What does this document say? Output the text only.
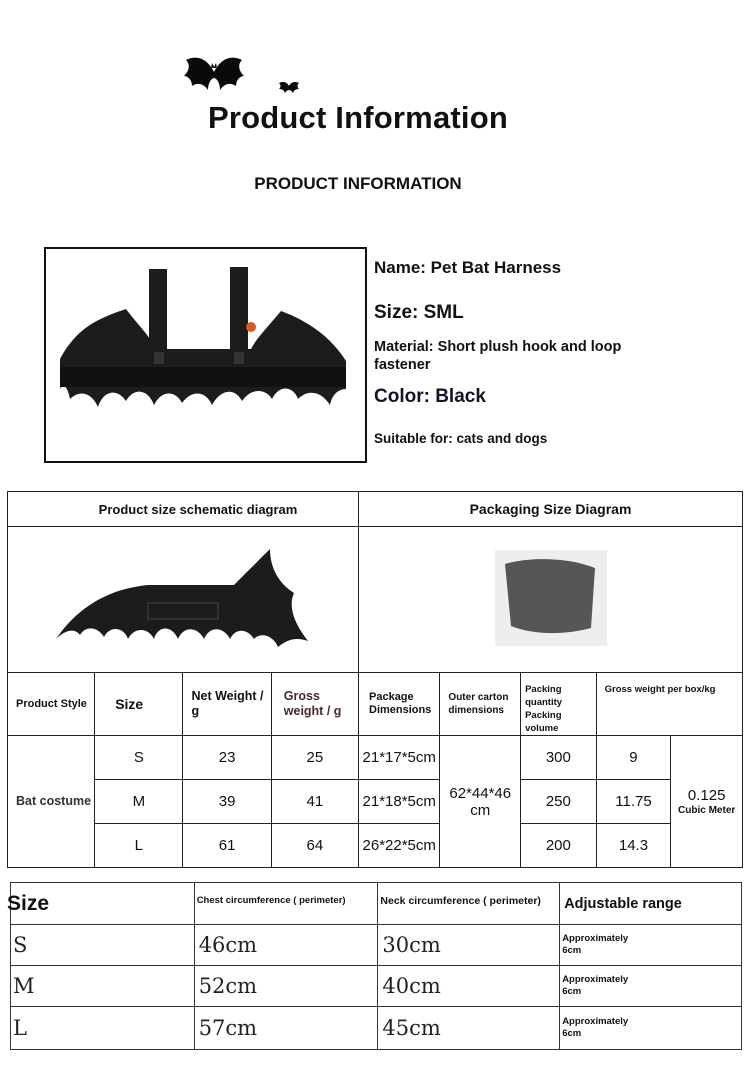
Product Information
PRODUCT INFORMATION
Name: Pet Bat Harness
Size: SML
Material: Short plush hook and loop fastener
Color: Black
Suitable for: cats and dogs
Product size schematic diagram				Packaging Size Diagram				

Product Style	Size	Net Weight / g	Gross weight / g	Package Dimensions	Outer carton dimensions	Packing quantity Packing volume	Gross weight per box/kg	
Bat costume	S	23	25	21*17*5cm	62*44*46 cm	300	9	0.125
Cubic Meter

	M	39	41	21*18*5cm		250	11.75	
	L	61	64	26*22*5cm		200	14.3	
Size	Chest circumference ( perimeter)	Neck circumference ( perimeter)	Adjustable range
S	46cm	30cm	Approximately 6cm

M	52cm	40cm	Approximately 6cm

L	57cm	45cm	Approximately 6cm
